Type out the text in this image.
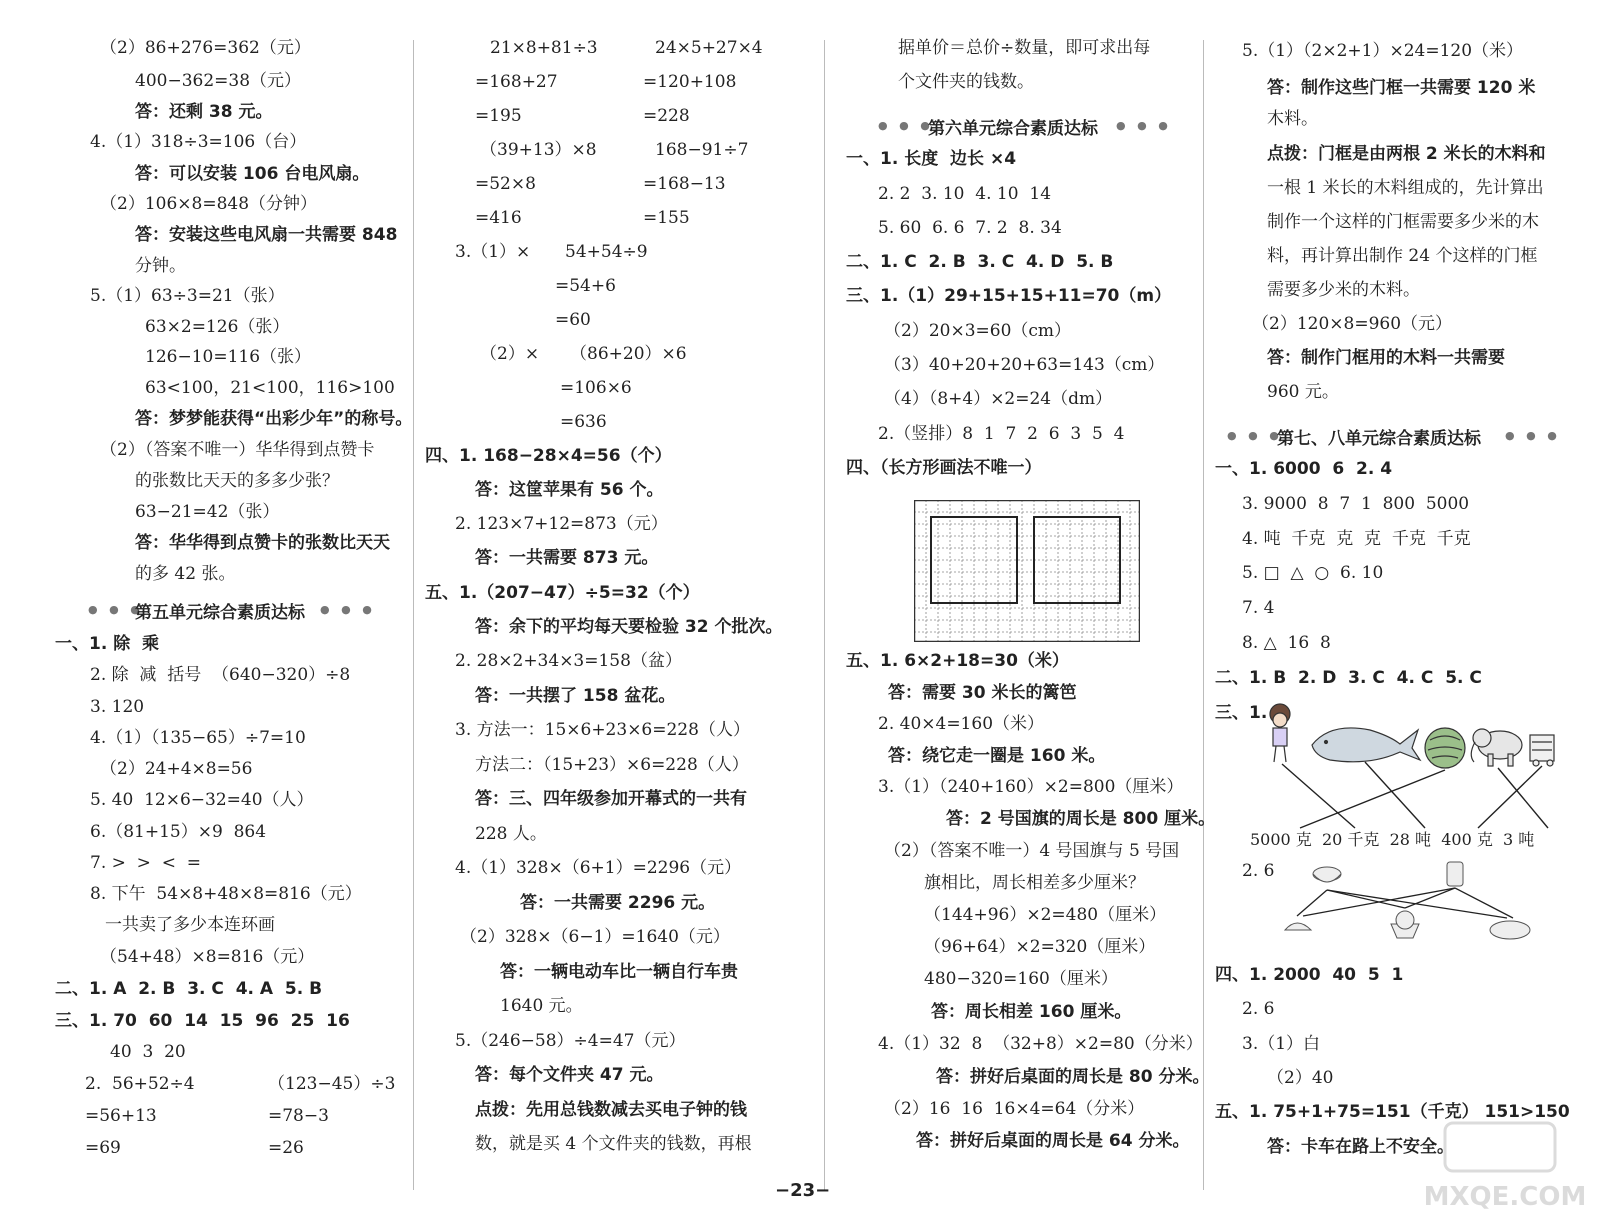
（2）86+276=362（元）
400−362=38（元）
答：还剩 38 元。
4.（1）318÷3=106（台）
答：可以安装 106 台电风扇。
（2）106×8=848（分钟）
答：安装这些电风扇一共需要 848
分钟。
5.（1）63÷3=21（张）
63×2=126（张）
126−10=116（张）
63<100，21<100，116>100
答：梦梦能获得“出彩少年”的称号。
（2）（答案不唯一）华华得到点赞卡
的张数比天天的多多少张？
63−21=42（张）
答：华华得到点赞卡的张数比天天
的多 42 张。
● ● ●
第五单元综合素质达标 ● ● ●
一、1. 除  乘
2. 除  减  括号  （640−320）÷8
3. 120
4.（1）（135−65）÷7=10
（2）24+4×8=56
5. 40  12×6−32=40（人）
6.（81+15）×9  864
7. >  >  <  =
8. 下午  54×8+48×8=816（元）
一共卖了多少本连环画
（54+48）×8=816（元）
二、1. A  2. B  3. C  4. A  5. B
三、1. 70  60  14  15  96  25  16
40  3  20
2.  56+52÷4
=56+13
=69
（123−45）÷3
=78−3
=26
21×8+81÷3
=168+27
=195
（39+13）×8
=52×8
=416
24×5+27×4
=120+108
=228
168−91÷7
=168−13
=155
3.（1）× 54+54÷9
=54+6
=60
（2）× （86+20）×6
=106×6
=636
四、1. 168−28×4=56（个）
答：这筐苹果有 56 个。
2. 123×7+12=873（元）
答：一共需要 873 元。
五、1.（207−47）÷5=32（个）
答：余下的平均每天要检验 32 个批次。
2. 28×2+34×3=158（盆）
答：一共摆了 158 盆花。
3. 方法一：15×6+23×6=228（人）
方法二：（15+23）×6=228（人）
答：三、四年级参加开幕式的一共有
228 人。
4.（1）328×（6+1）=2296（元）
答：一共需要 2296 元。
（2）328×（6−1）=1640（元）
答：一辆电动车比一辆自行车贵
1640 元。
5.（246−58）÷4=47（元）
答：每个文件夹 47 元。
点拨：先用总钱数减去买电子钟的钱
数，就是买 4 个文件夹的钱数，再根
据单价＝总价÷数量，即可求出每
个文件夹的钱数。
● ● ●
第六单元综合素质达标 ● ● ●
一、1. 长度  边长 ×4
2. 2  3. 10  4. 10  14
5. 60  6. 6  7. 2  8. 34
二、1. C  2. B  3. C  4. D  5. B
三、1.（1）29+15+15+11=70（m）
（2）20×3=60（cm）
（3）40+20+20+63=143（cm）
（4）（8+4）×2=24（dm）
2.（竖排）8  1  7  2  6  3  5  4
四、（长方形画法不唯一）
五、1. 6×2+18=30（米）
答：需要 30 米长的篱笆
2. 40×4=160（米）
答：绕它走一圈是 160 米。
3.（1）（240+160）×2=800（厘米）
答：2 号国旗的周长是 800 厘米。
（2）（答案不唯一）4 号国旗与 5 号国
旗相比，周长相差多少厘米？
（144+96）×2=480（厘米）
（96+64）×2=320（厘米）
480−320=160（厘米）
答：周长相差 160 厘米。
4.（1）32  8  （32+8）×2=80（分米）
答：拼好后桌面的周长是 80 分米。
（2）16  16  16×4=64（分米）
答：拼好后桌面的周长是 64 分米。
5.（1）（2×2+1）×24=120（米）
答：制作这些门框一共需要 120 米
木料。
点拨：门框是由两根 2 米长的木料和
一根 1 米长的木料组成的，先计算出
制作一个这样的门框需要多少米的木
料，再计算出制作 24 个这样的门框
需要多少米的木料。
（2）120×8=960（元）
答：制作门框用的木料一共需要
960 元。
● ● ●
第七、八单元综合素质达标 ● ● ●
一、1. 6000  6  2. 4
3. 9000  8  7  1  800  5000
4. 吨  千克  克  克  千克  千克
5. □  △  ○  6. 10
7. 4
8. △  16  8
二、1. B  2. D  3. C  4. C  5. C
三、1.
5000 克  20 千克  28 吨  400 克  3 吨
2. 6
四、1. 2000  40  5  1
2. 6
3.（1）白
（2）40
五、1. 75+1+75=151（千克） 151>150
答：卡车在路上不安全。
−23−	MXQE.COM
